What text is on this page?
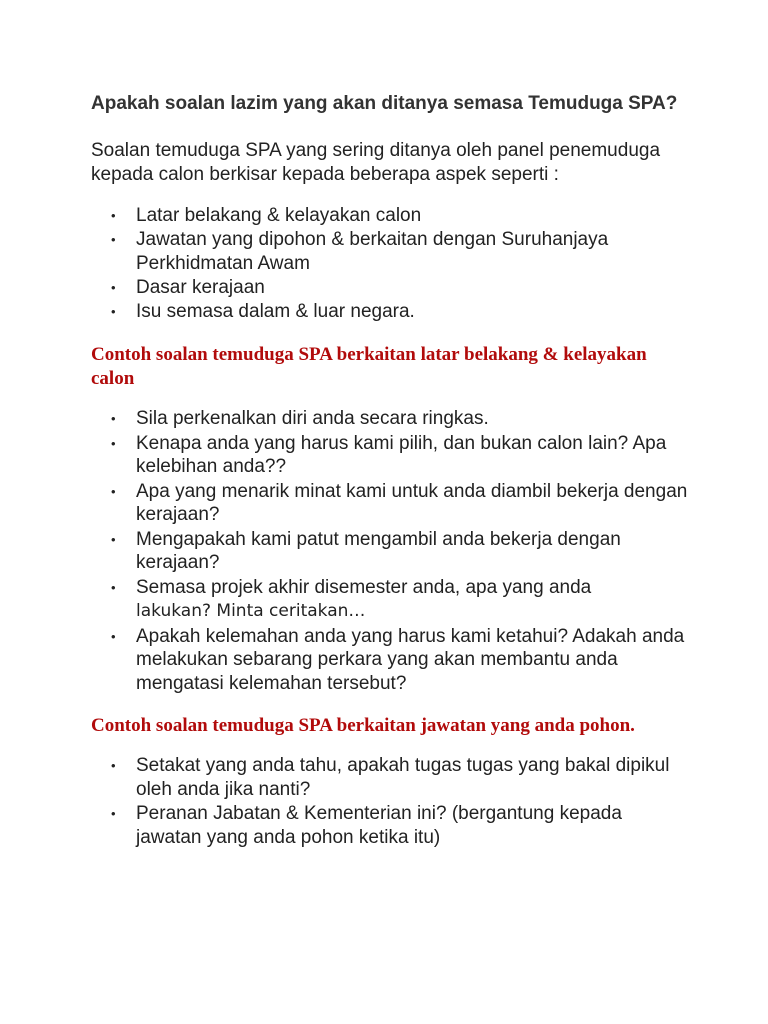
Apakah soalan lazim yang akan ditanya semasa Temuduga SPA?

Soalan temuduga SPA yang sering ditanya oleh panel penemuduga kepada calon berkisar kepada beberapa aspek seperti :

• Latar belakang & kelayakan calon
• Jawatan yang dipohon & berkaitan dengan Suruhanjaya Perkhidmatan Awam
• Dasar kerajaan
• Isu semasa dalam & luar negara.

Contoh soalan temuduga SPA berkaitan latar belakang & kelayakan calon

• Sila perkenalkan diri anda secara ringkas.
• Kenapa anda yang harus kami pilih, dan bukan calon lain? Apa kelebihan anda??
• Apa yang menarik minat kami untuk anda diambil bekerja dengan kerajaan?
• Mengapakah kami patut mengambil anda bekerja dengan kerajaan?
• Semasa projek akhir disemester anda, apa yang anda
lakukan? Minta ceritakan…
• Apakah kelemahan anda yang harus kami ketahui? Adakah anda melakukan sebarang perkara yang akan membantu anda mengatasi kelemahan tersebut?

Contoh soalan temuduga SPA berkaitan jawatan yang anda pohon.

• Setakat yang anda tahu, apakah tugas tugas yang bakal dipikul oleh anda jika nanti?
• Peranan Jabatan & Kementerian ini? (bergantung kepada jawatan yang anda pohon ketika itu)
